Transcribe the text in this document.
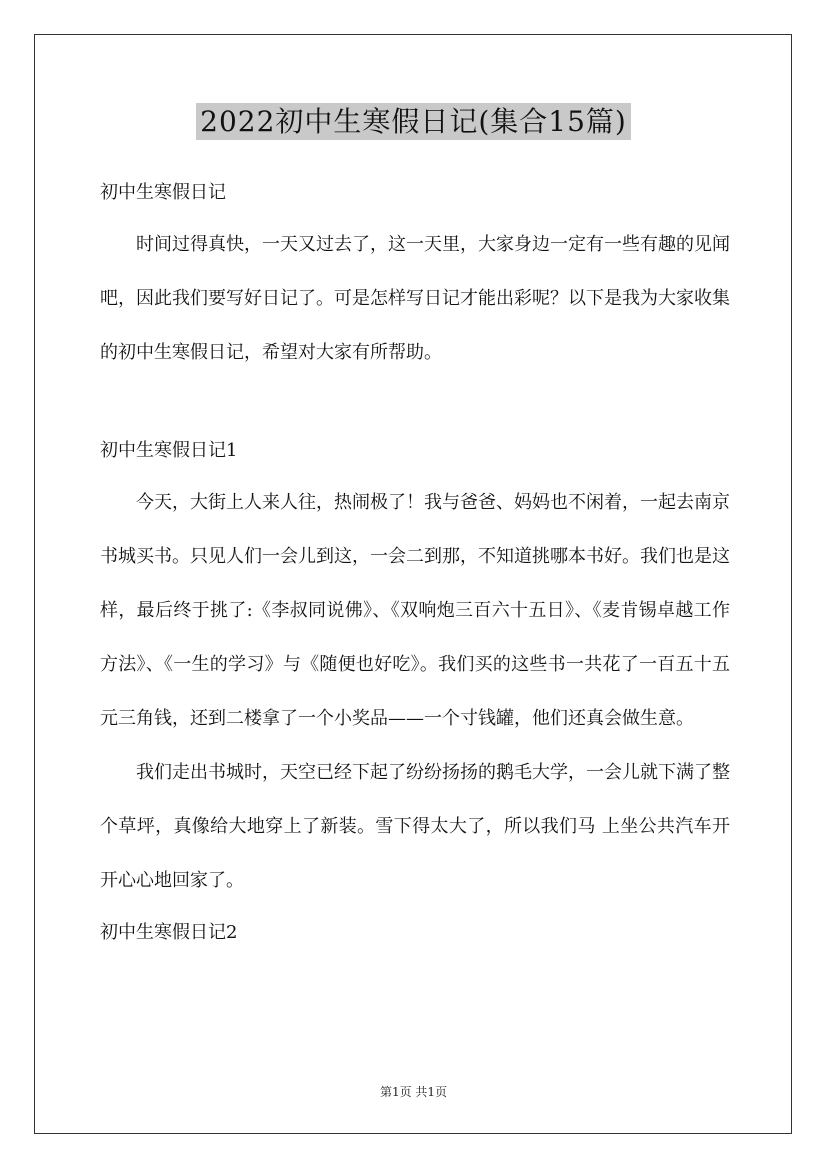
2022初中生寒假日记(集合15篇)

初中生寒假日记

时间过得真快，一天又过去了，这一天里，大家身边一定有一些有趣的见闻吧，因此我们要写好日记了。可是怎样写日记才能出彩呢？以下是我为大家收集的初中生寒假日记，希望对大家有所帮助。

初中生寒假日记1

今天，大街上人来人往，热闹极了！我与爸爸、妈妈也不闲着，一起去南京书城买书。只见人们一会儿到这，一会二到那，不知道挑哪本书好。我们也是这样，最后终于挑了:《李叔同说佛》、《双响炮三百六十五日》、《麦肯锡卓越工作方法》、《一生的学习》与《随便也好吃》。我们买的这些书一共花了一百五十五元三角钱，还到二楼拿了一个小奖品——一个寸钱罐，他们还真会做生意。

我们走出书城时，天空已经下起了纷纷扬扬的鹅毛大学，一会儿就下满了整个草坪，真像给大地穿上了新装。雪下得太大了，所以我们马 上坐公共汽车开开心心地回家了。

初中生寒假日记2

第1页 共1页
